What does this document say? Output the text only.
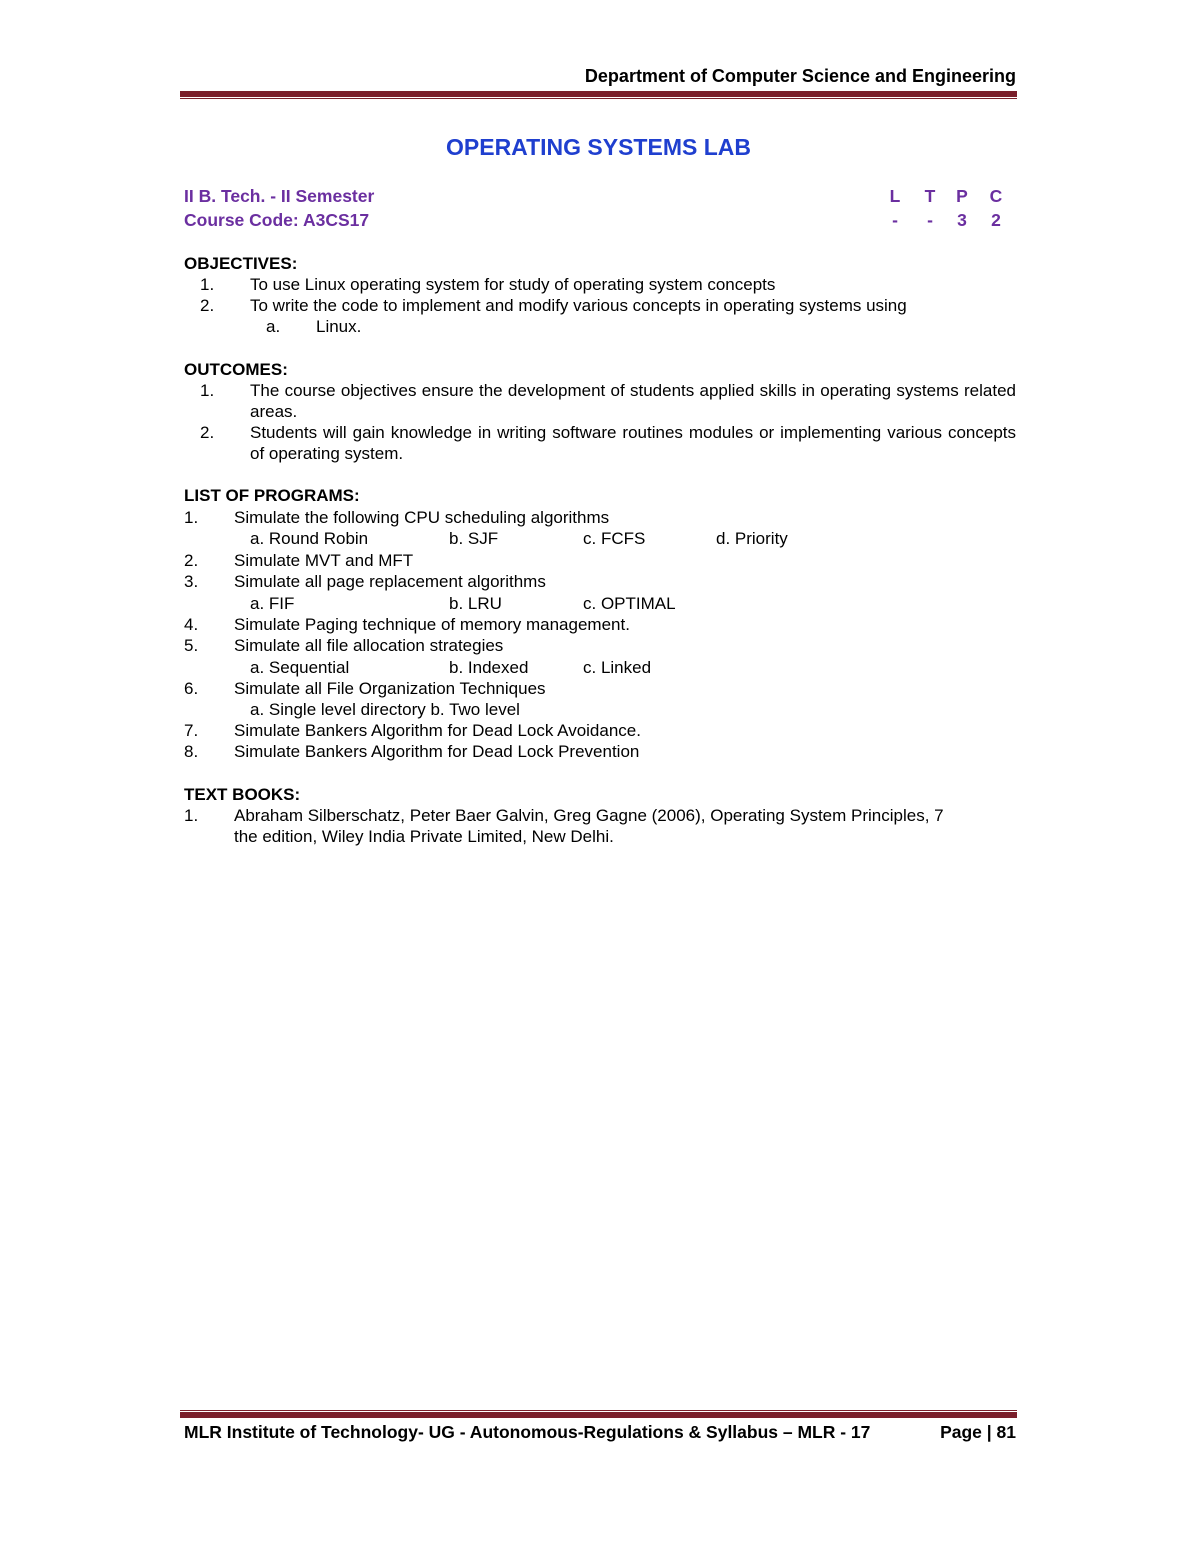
Department of Computer Science and Engineering
OPERATING SYSTEMS LAB
II B. Tech. - II Semester
Course Code: A3CS17
L T P C
-	-	3 2
OBJECTIVES:
1. To use Linux operating system for study of operating system concepts
2. To write the code to implement and modify various concepts in operating systems using
a. Linux.
OUTCOMES:
1. The course objectives ensure the development of students applied skills in operating systems related areas.
2. Students will gain knowledge in writing software routines modules or implementing various concepts of operating system.
LIST OF PROGRAMS:
1. Simulate the following CPU scheduling algorithms
a. Round Robin	b. SJF	c. FCFS	d. Priority
2. Simulate MVT and MFT
3. Simulate all page replacement algorithms
a. FIF	b. LRU	c. OPTIMAL
4. Simulate Paging technique of memory management.
5. Simulate all file allocation strategies
a. Sequential	b. Indexed	c. Linked
6. Simulate all File Organization Techniques
a. Single level directory b. Two level
7. Simulate Bankers Algorithm for Dead Lock Avoidance.
8. Simulate Bankers Algorithm for Dead Lock Prevention
TEXT BOOKS:
1. Abraham Silberschatz, Peter Baer Galvin, Greg Gagne (2006), Operating System Principles, 7
the edition, Wiley India Private Limited, New Delhi.
MLR Institute of Technology- UG - Autonomous-Regulations & Syllabus – MLR - 17	Page | 81
